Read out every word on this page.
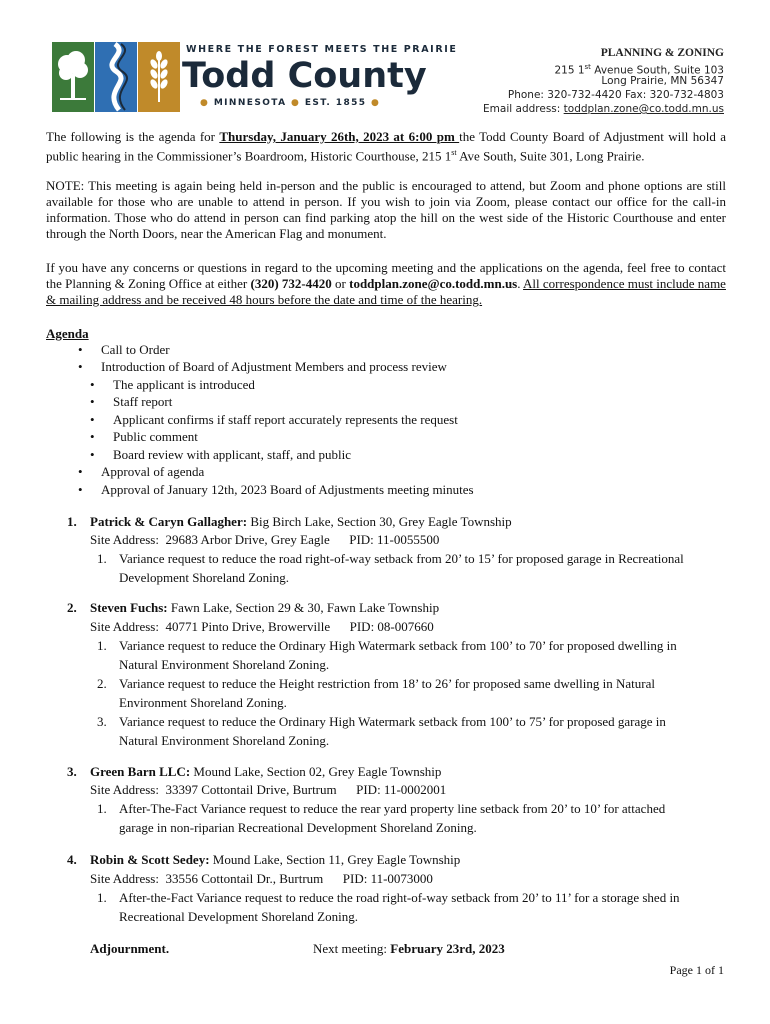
WHERE THE FOREST MEETS THE PRAIRIE
Todd County
● MINNESOTA ● EST. 1855 ●
PLANNING & ZONING
215 1st Avenue South, Suite 103
Long Prairie, MN 56347
Phone: 320-732-4420 Fax: 320-732-4803
Email address: toddplan.zone@co.todd.mn.us
The following is the agenda for Thursday, January 26th, 2023 at 6:00 pm the Todd County Board of Adjustment will hold a public hearing in the Commissioner’s Boardroom, Historic Courthouse, 215 1st Ave South, Suite 301, Long Prairie.
NOTE: This meeting is again being held in-person and the public is encouraged to attend, but Zoom and phone options are still available for those who are unable to attend in person. If you wish to join via Zoom, please contact our office for the call-in information. Those who do attend in person can find parking atop the hill on the west side of the Historic Courthouse and enter through the North Doors, near the American Flag and monument.
If you have any concerns or questions in regard to the upcoming meeting and the applications on the agenda, feel free to contact the Planning & Zoning Office at either (320) 732-4420 or toddplan.zone@co.todd.mn.us. All correspondence must include name & mailing address and be received 48 hours before the date and time of the hearing.
Agenda
• Call to Order
• Introduction of Board of Adjustment Members and process review
• The applicant is introduced
• Staff report
• Applicant confirms if staff report accurately represents the request
• Public comment
• Board review with applicant, staff, and public
• Approval of agenda
• Approval of January 12th, 2023 Board of Adjustments meeting minutes
1. Patrick & Caryn Gallagher: Big Birch Lake, Section 30, Grey Eagle Township
Site Address:  29683 Arbor Drive, Grey Eagle      PID: 11-0055500
1. Variance request to reduce the road right-of-way setback from 20’ to 15’ for proposed garage in Recreational
Development Shoreland Zoning.
2. Steven Fuchs: Fawn Lake, Section 29 & 30, Fawn Lake Township
Site Address:  40771 Pinto Drive, Browerville      PID: 08-007660
1. Variance request to reduce the Ordinary High Watermark setback from 100’ to 70’ for proposed dwelling in
Natural Environment Shoreland Zoning.
2. Variance request to reduce the Height restriction from 18’ to 26’ for proposed same dwelling in Natural
Environment Shoreland Zoning.
3. Variance request to reduce the Ordinary High Watermark setback from 100’ to 75’ for proposed garage in
Natural Environment Shoreland Zoning.
3. Green Barn LLC: Mound Lake, Section 02, Grey Eagle Township
Site Address:  33397 Cottontail Drive, Burtrum      PID: 11-0002001
1. After-The-Fact Variance request to reduce the rear yard property line setback from 20’ to 10’ for attached
garage in non-riparian Recreational Development Shoreland Zoning.
4. Robin & Scott Sedey: Mound Lake, Section 11, Grey Eagle Township
Site Address:  33556 Cottontail Dr., Burtrum      PID: 11-0073000
1. After-the-Fact Variance request to reduce the road right-of-way setback from 20’ to 11’ for a storage shed in
Recreational Development Shoreland Zoning.
Adjournment.	Next meeting: February 23rd, 2023
Page 1 of 1
